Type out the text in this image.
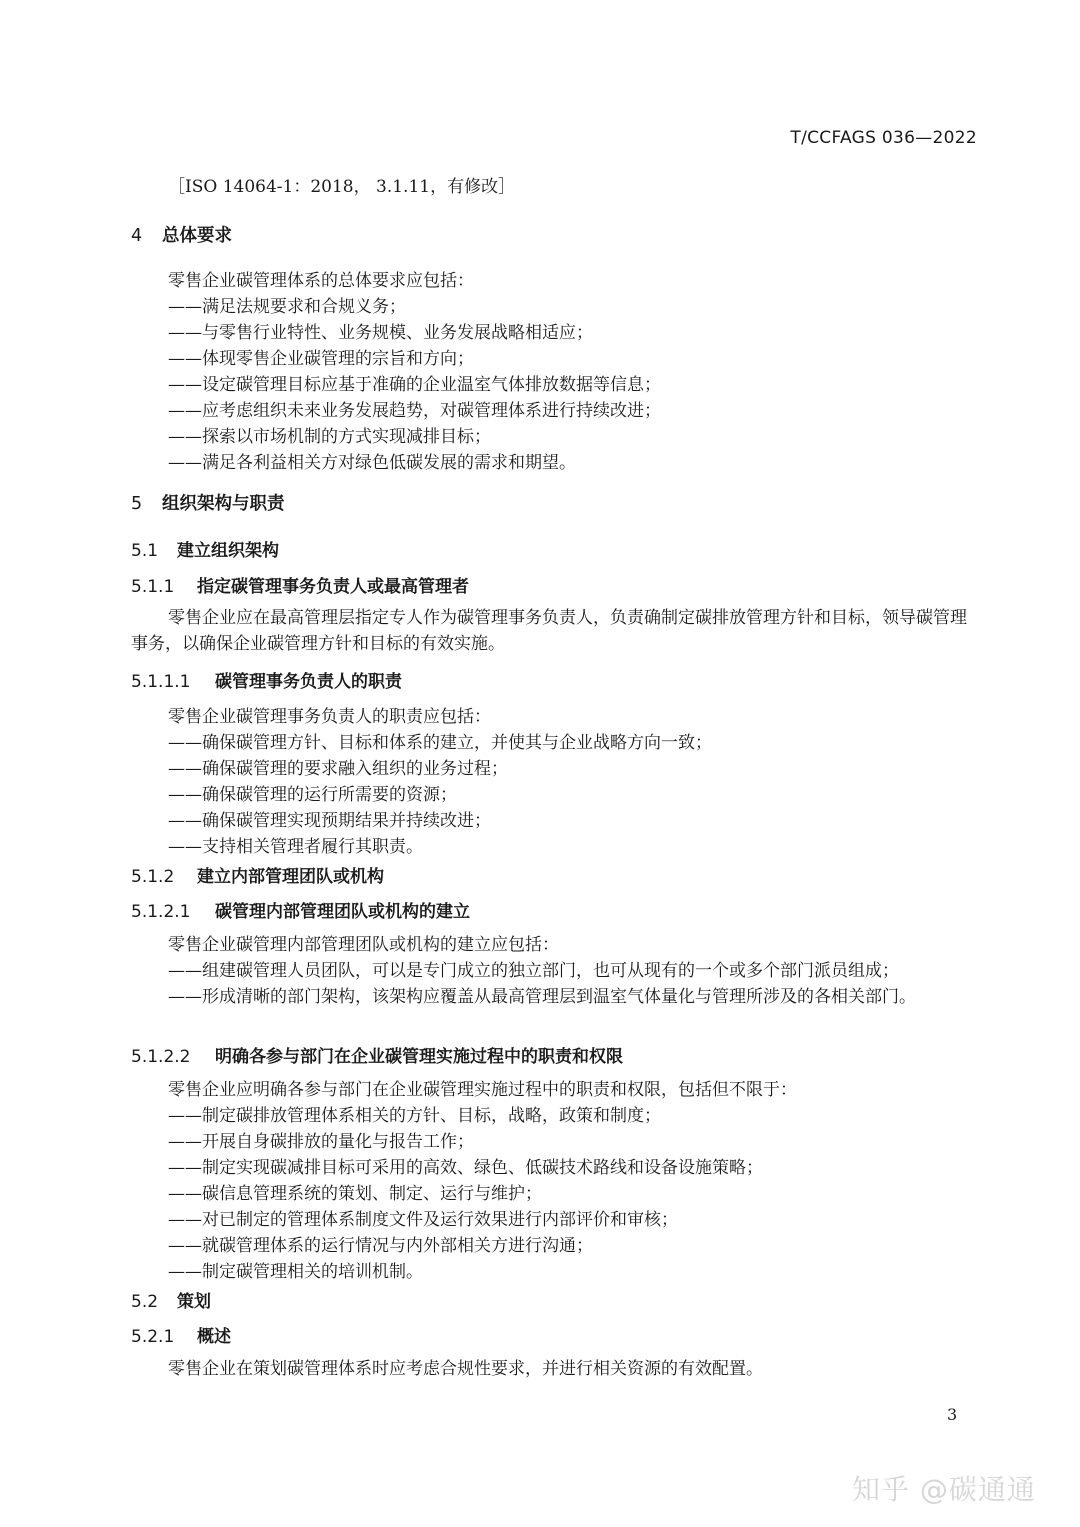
T/CCFAGS 036—2022
［ISO 14064-1：2018， 3.1.11，有修改］
4 总体要求
零售企业碳管理体系的总体要求应包括：
——满足法规要求和合规义务；
——与零售行业特性、业务规模、业务发展战略相适应；
——体现零售企业碳管理的宗旨和方向；
——设定碳管理目标应基于准确的企业温室气体排放数据等信息；
——应考虑组织未来业务发展趋势，对碳管理体系进行持续改进；
——探索以市场机制的方式实现减排目标；
——满足各利益相关方对绿色低碳发展的需求和期望。
5 组织架构与职责
5.1 建立组织架构
5.1.1 指定碳管理事务负责人或最高管理者
零售企业应在最高管理层指定专人作为碳管理事务负责人，负责确制定碳排放管理方针和目标，领导碳管理事务，以确保企业碳管理方针和目标的有效实施。
5.1.1.1 碳管理事务负责人的职责
零售企业碳管理事务负责人的职责应包括：
——确保碳管理方针、目标和体系的建立，并使其与企业战略方向一致；
——确保碳管理的要求融入组织的业务过程；
——确保碳管理的运行所需要的资源；
——确保碳管理实现预期结果并持续改进；
——支持相关管理者履行其职责。
5.1.2 建立内部管理团队或机构
5.1.2.1 碳管理内部管理团队或机构的建立
零售企业碳管理内部管理团队或机构的建立应包括：
——组建碳管理人员团队，可以是专门成立的独立部门，也可从现有的一个或多个部门派员组成；
——形成清晰的部门架构，该架构应覆盖从最高管理层到温室气体量化与管理所涉及的各相关部门。
5.1.2.2 明确各参与部门在企业碳管理实施过程中的职责和权限
零售企业应明确各参与部门在企业碳管理实施过程中的职责和权限，包括但不限于：
——制定碳排放管理体系相关的方针、目标，战略，政策和制度；
——开展自身碳排放的量化与报告工作；
——制定实现碳减排目标可采用的高效、绿色、低碳技术路线和设备设施策略；
——碳信息管理系统的策划、制定、运行与维护；
——对已制定的管理体系制度文件及运行效果进行内部评价和审核；
——就碳管理体系的运行情况与内外部相关方进行沟通；
——制定碳管理相关的培训机制。
5.2 策划
5.2.1 概述
零售企业在策划碳管理体系时应考虑合规性要求，并进行相关资源的有效配置。
3
知乎 @碳通通
